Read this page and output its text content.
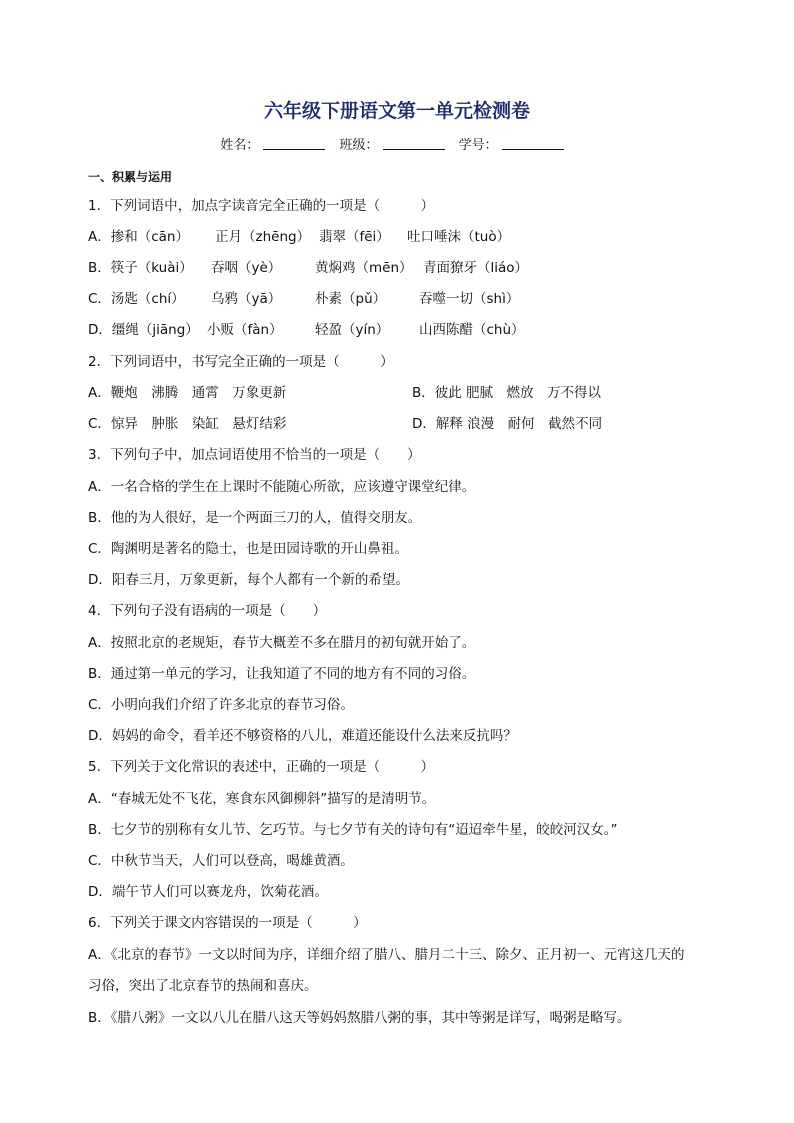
六年级下册语文第一单元检测卷
姓名：	班级：	学号：
一、积累与运用
1．下列词语中，加点字读音完全正确的一项是（　　　）
A．掺和（cān） 正月（zhēng） 翡翠（fēi） 吐口唾沫（tuò）
B．筷子（kuài） 吞咽（yè） 黄焖鸡（mēn） 青面獠牙（liáo）
C．汤匙（chí） 乌鸦（yā） 朴素（pǔ） 吞噬一切（shì）
D．缰绳（jiāng） 小贩（fàn） 轻盈（yín） 山西陈醋（chù）
2．下列词语中，书写完全正确的一项是（　　　）
A．鞭炮　沸腾　通霄　万象更新	B．彼此 肥腻　燃放　万不得以
C．惊异　肿胀　染缸　悬灯结彩	D．解释 浪漫　耐何　截然不同
3．下列句子中，加点词语使用不恰当的一项是（　　）
A．一名合格的学生在上课时不能随心所欲，应该遵守课堂纪律。
B．他的为人很好，是一个两面三刀的人，值得交朋友。
C．陶渊明是著名的隐士，也是田园诗歌的开山鼻祖。
D．阳春三月，万象更新，每个人都有一个新的希望。
4．下列句子没有语病的一项是（　　）
A．按照北京的老规矩，春节大概差不多在腊月的初旬就开始了。
B．通过第一单元的学习，让我知道了不同的地方有不同的习俗。
C．小明向我们介绍了许多北京的春节习俗。
D．妈妈的命令，看羊还不够资格的八儿，难道还能设什么法来反抗吗？
5．下列关于文化常识的表述中，正确的一项是（　　　）
A．“春城无处不飞花，寒食东风御柳斜”描写的是清明节。
B．七夕节的别称有女儿节、乞巧节。与七夕节有关的诗句有“迢迢牵牛星，皎皎河汉女。”
C．中秋节当天，人们可以登高，喝雄黄酒。
D．端午节人们可以赛龙舟，饮菊花酒。
6．下列关于课文内容错误的一项是（　　　）
A．《北京的春节》一文以时间为序，详细介绍了腊八、腊月二十三、除夕、正月初一、元宵这几天的
习俗，突出了北京春节的热闹和喜庆。
B．《腊八粥》一文以八儿在腊八这天等妈妈熬腊八粥的事，其中等粥是详写，喝粥是略写。
